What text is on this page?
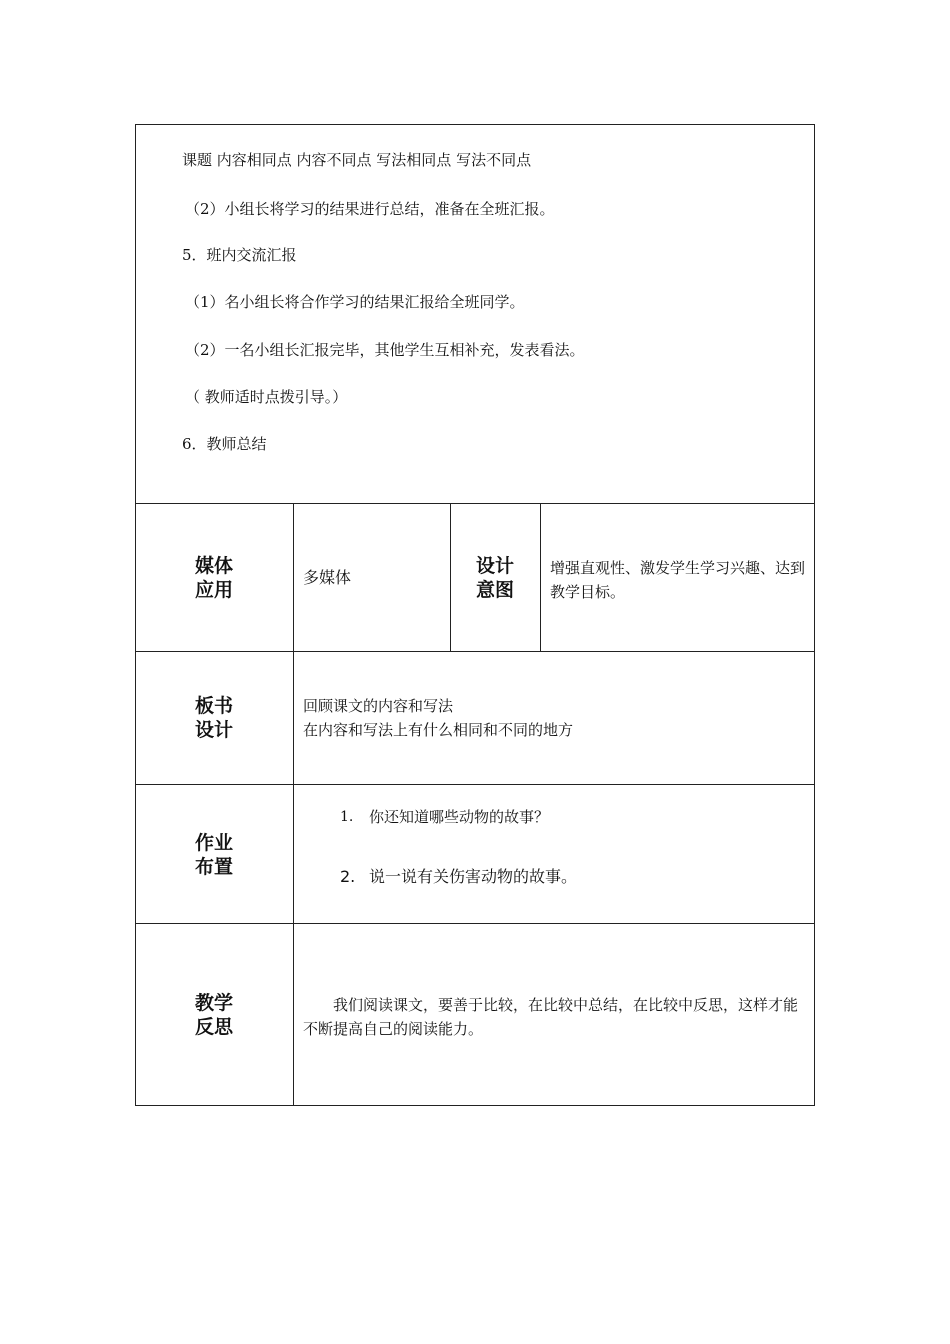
课题 内容相同点 内容不同点 写法相同点 写法不同点
（2）小组长将学习的结果进行总结，准备在全班汇报。
5．班内交流汇报
（1）名小组长将合作学习的结果汇报给全班同学。
（2）一名小组长汇报完毕，其他学生互相补充，发表看法。
（ 教师适时点拨引导。）
6．教师总结
媒体
应用
多媒体
设计
意图
增强直观性、激发学生学习兴趣、达到教学目标。
板书
设计
回顾课文的内容和写法
在内容和写法上有什么相同和不同的地方
作业
布置
1. 你还知道哪些动物的故事？
2. 说一说有关伤害动物的故事。
教学
反思
我们阅读课文，要善于比较，在比较中总结，在比较中反思，这样才能不断提高自己的阅读能力。
